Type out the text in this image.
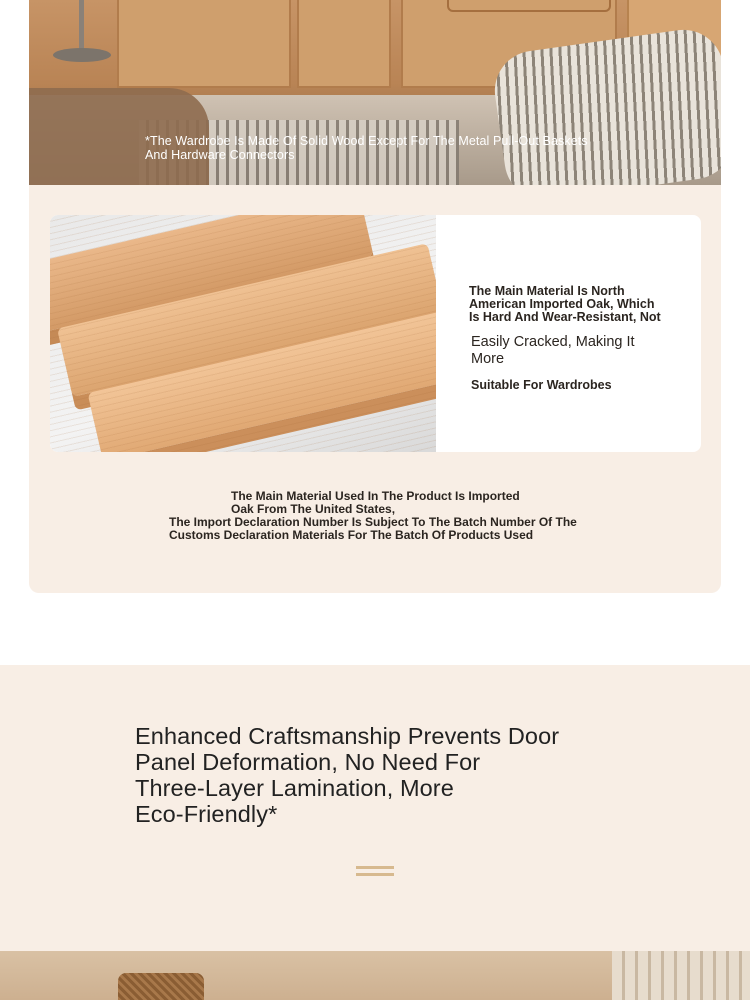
*The Wardrobe Is Made Of Solid Wood Except For The Metal Pull-Out Baskets
And Hardware Connectors
The Main Material Is North
American Imported Oak, Which
Is Hard And Wear-Resistant, Not
Easily Cracked, Making It
More
Suitable For Wardrobes
The Main Material Used In The Product Is Imported
Oak From The United States,
The Import Declaration Number Is Subject To The Batch Number Of The
Customs Declaration Materials For The Batch Of Products Used
Enhanced Craftsmanship Prevents Door
Panel Deformation, No Need For
Three-Layer Lamination, More
Eco-Friendly*
